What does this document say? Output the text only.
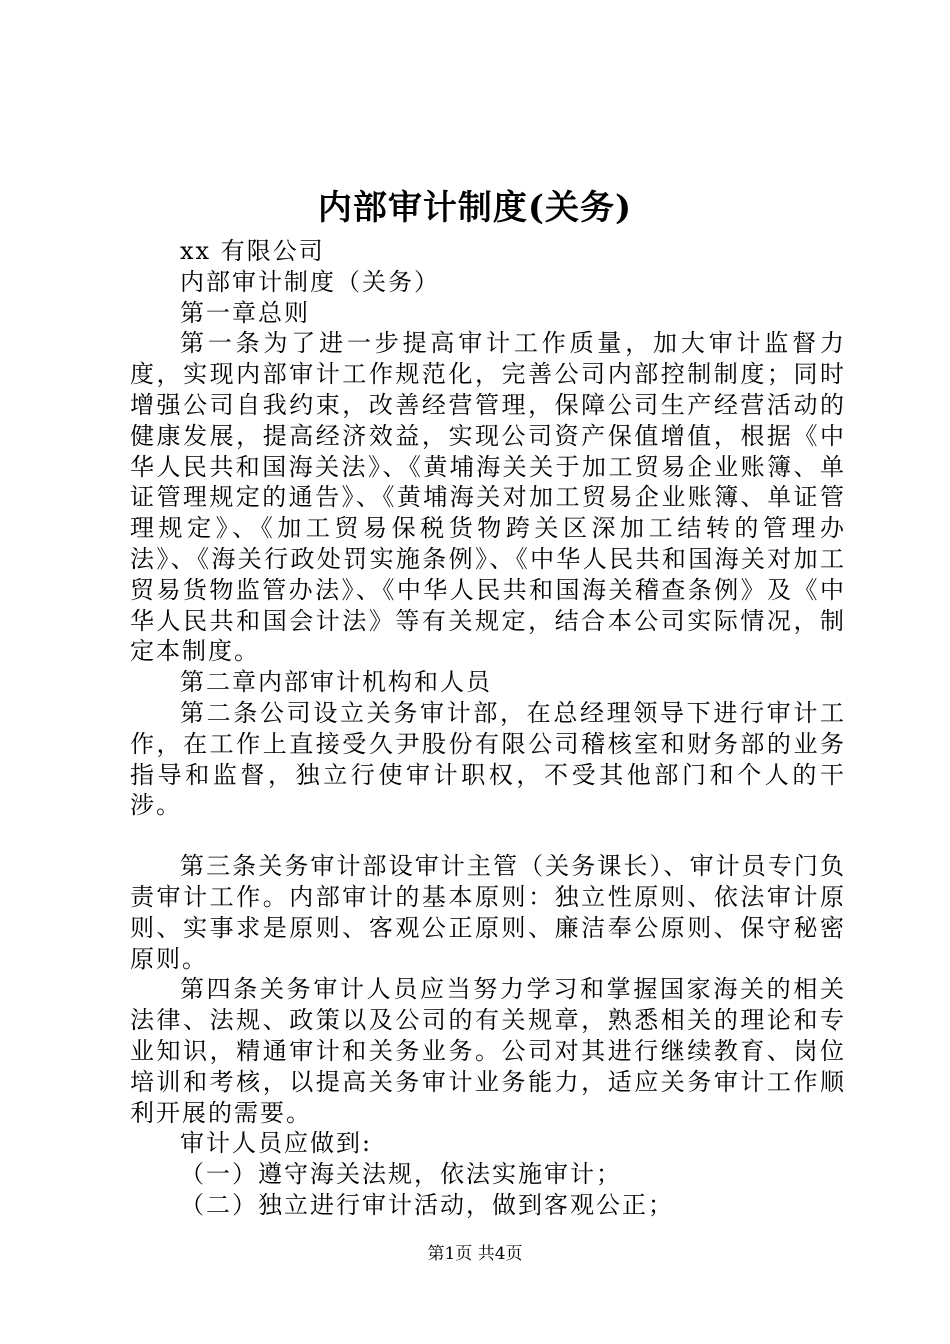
内部审计制度(关务)

xx 有限公司

内部审计制度（关务）

第一章总则

第一条为了进一步提高审计工作质量，加大审计监督力度，实现内部审计工作规范化，完善公司内部控制制度；同时增强公司自我约束，改善经营管理，保障公司生产经营活动的健康发展，提高经济效益，实现公司资产保值增值，根据《中华人民共和国海关法》、《黄埔海关关于加工贸易企业账簿、单证管理规定的通告》、《黄埔海关对加工贸易企业账簿、单证管理规定》、《加工贸易保税货物跨关区深加工结转的管理办法》、《海关行政处罚实施条例》、《中华人民共和国海关对加工贸易货物监管办法》、《中华人民共和国海关稽查条例》及《中华人民共和国会计法》等有关规定，结合本公司实际情况，制定本制度。

第二章内部审计机构和人员

第二条公司设立关务审计部，在总经理领导下进行审计工作，在工作上直接受久尹股份有限公司稽核室和财务部的业务指导和监督，独立行使审计职权，不受其他部门和个人的干涉。

第三条关务审计部设审计主管（关务课长）、审计员专门负责审计工作。内部审计的基本原则：独立性原则、依法审计原则、实事求是原则、客观公正原则、廉洁奉公原则、保守秘密原则。

第四条关务审计人员应当努力学习和掌握国家海关的相关法律、法规、政策以及公司的有关规章，熟悉相关的理论和专业知识，精通审计和关务业务。公司对其进行继续教育、岗位培训和考核，以提高关务审计业务能力，适应关务审计工作顺利开展的需要。

审计人员应做到:

（一）遵守海关法规，依法实施审计；

（二）独立进行审计活动，做到客观公正；

第1页 共4页
